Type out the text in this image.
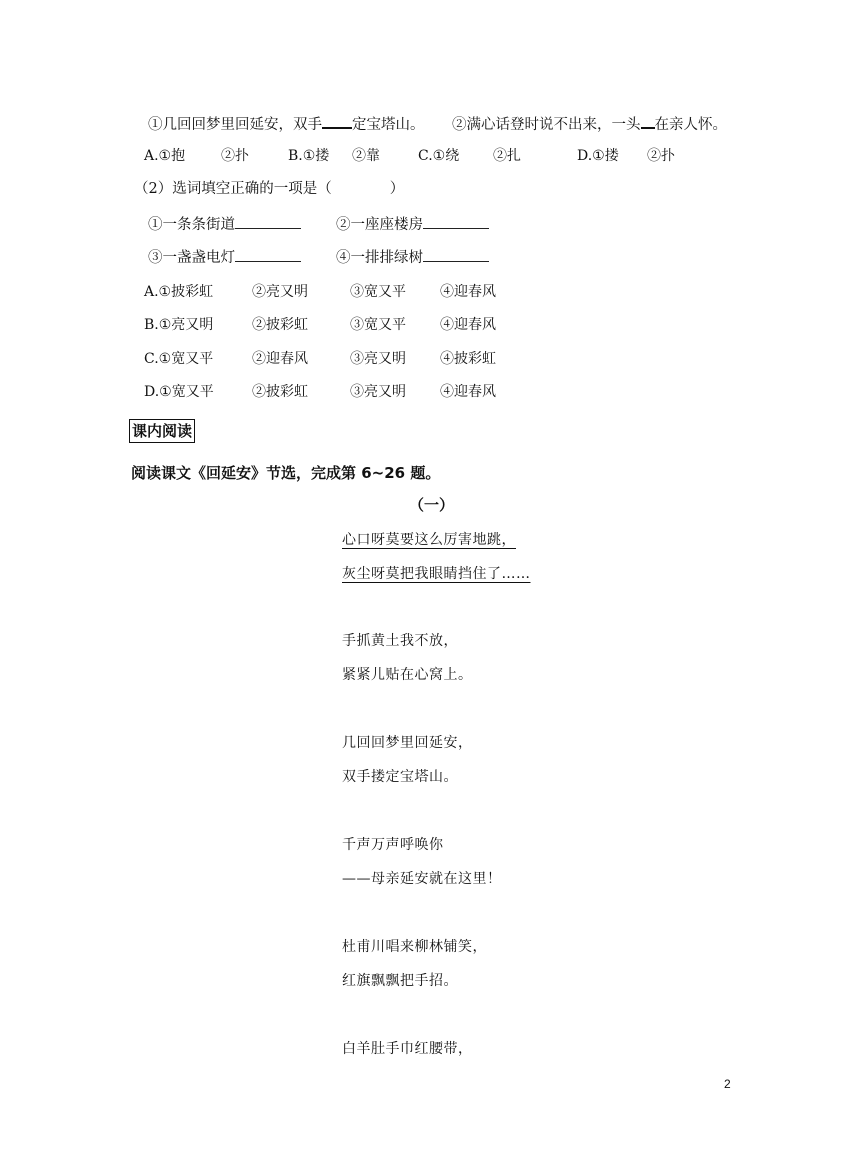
①几回回梦里回延安，双手 定宝塔山。 ②满心话登时说不出来，一头 在亲人怀。
A.①抱	②扑	B.①搂 ②靠	C.①绕 ②扎	D.①搂 ②扑
（2）选词填空正确的一项是（　　　　）
①一条条街道	②一座座楼房
③一盏盏电灯	④一排排绿树
A.①披彩虹	②亮又明	③宽又平 ④迎春风
B.①亮又明	②披彩虹	③宽又平 ④迎春风
C.①宽又平	②迎春风	③亮又明 ④披彩虹
D.①宽又平	②披彩虹	③亮又明 ④迎春风
课内阅读
阅读课文《回延安》节选，完成第 6~26 题。
（一）
心口呀莫要这么厉害地跳，
灰尘呀莫把我眼睛挡住了……
手抓黄土我不放，
紧紧儿贴在心窝上。
几回回梦里回延安，
双手搂定宝塔山。
千声万声呼唤你
——母亲延安就在这里！
杜甫川唱来柳林铺笑，
红旗飘飘把手招。
白羊肚手巾红腰带，
2
